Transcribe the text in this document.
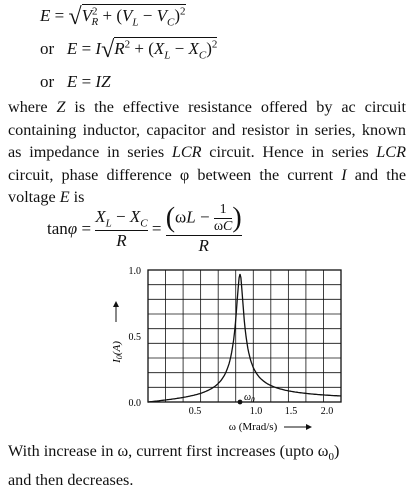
$E = √V^2_R + (V_L - V_C)^2$
or   $E = I√R^2 + (X_L - X_C)^2$
or   E = IZ
where Z is the effective resistance offered by ac circuit containing inductor, capacitor and resistor in series, known as impedance in series LCR circuit. Hence in series LCR circuit, phase difference φ between the current I and the voltage E is
$\tan\varphi = \frac{X_L - X_C}{R} = \frac{(\omega L - \frac{1}{\omega C} )}{R}$
1.0
0.5
0.0
0.5	1.0 1.5 2.0
$\omega_0$
ω (Mrad/s)
I0(A)
With increase in ω, current first increases (upto $\omega_0$)
and then decreases.
